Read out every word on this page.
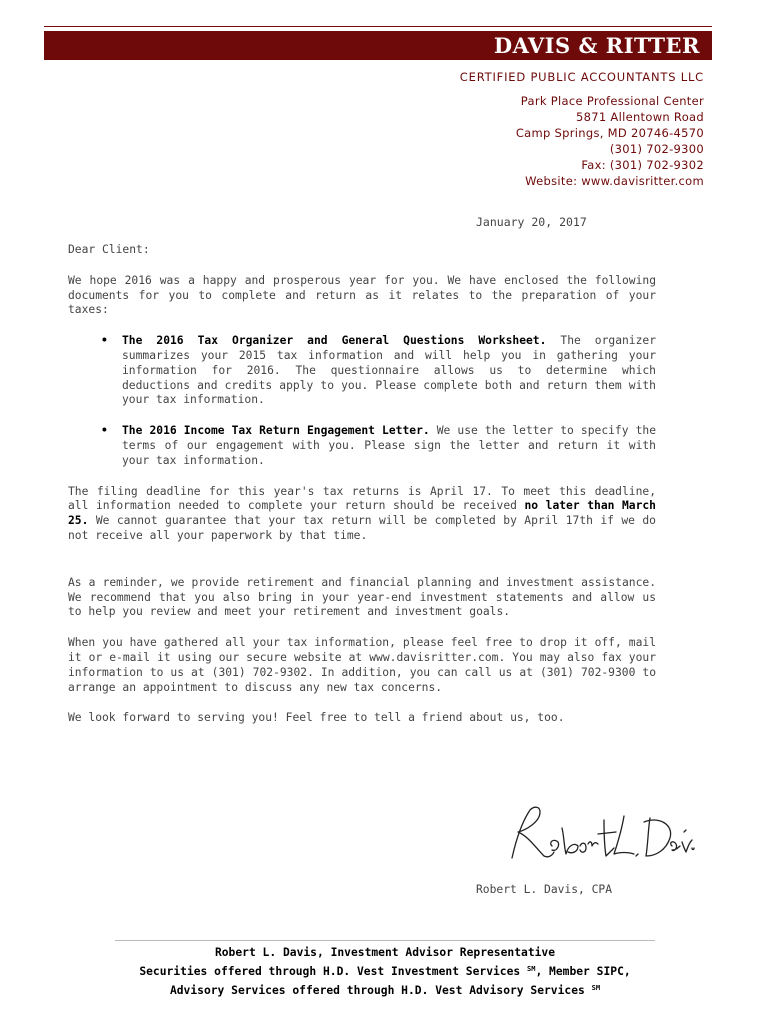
DAVIS & RITTER
CERTIFIED PUBLIC ACCOUNTANTS LLC
Park Place Professional Center
5871 Allentown Road
Camp Springs, MD 20746-4570
(301) 702-9300
Fax: (301) 702-9302
Website: www.davisritter.com
January 20, 2017

Dear Client:

We hope 2016 was a happy and prosperous year for you. We have enclosed the following documents for you to complete and return as it relates to the preparation of your taxes:

• The 2016 Tax Organizer and General Questions Worksheet. The organizer summarizes your 2015 tax information and will help you in gathering your information for 2016. The questionnaire allows us to determine which deductions and credits apply to you. Please complete both and return them with your tax information.
• The 2016 Income Tax Return Engagement Letter. We use the letter to specify the terms of our engagement with you. Please sign the letter and return it with your tax information.

The filing deadline for this year's tax returns is April 17. To meet this deadline, all information needed to complete your return should be received no later than March 25. We cannot guarantee that your tax return will be completed by April 17th if we do not receive all your paperwork by that time.

As a reminder, we provide retirement and financial planning and investment assistance. We recommend that you also bring in your year-end investment statements and allow us to help you review and meet your retirement and investment goals.

When you have gathered all your tax information, please feel free to drop it off, mail it or e-mail it using our secure website at www.davisritter.com. You may also fax your information to us at (301) 702-9302. In addition, you can call us at (301) 702-9300 to arrange an appointment to discuss any new tax concerns.

We look forward to serving you! Feel free to tell a friend about us, too.

Robert L. Davis
Robert L. Davis, CPA
Robert L. Davis, Investment Advisor Representative
Securities offered through H.D. Vest Investment Services ℠, Member SIPC,
Advisory Services offered through H.D. Vest Advisory Services ℠
